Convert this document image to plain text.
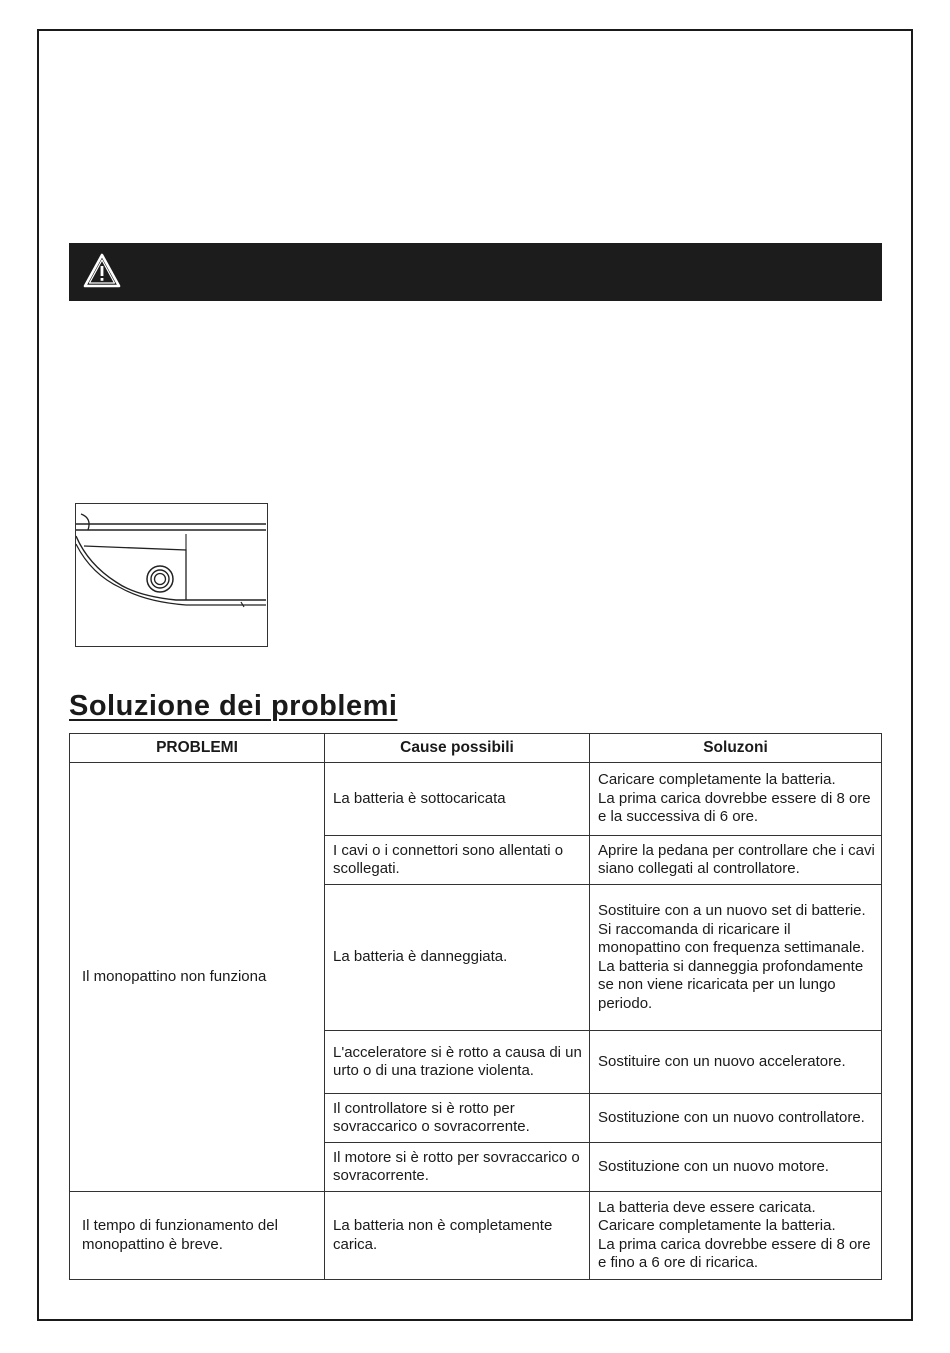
Soluzione dei problemi
PROBLEMI	Cause possibili	Soluzoni
Il monopattino non funziona	La batteria è sottocaricata	Caricare completamente la batteria.
La prima carica dovrebbe essere di 8 ore e la successiva di 6 ore.

	I cavi o i connettori sono allentati o scollegati.	Aprire la pedana per controllare che i cavi siano collegati al controllatore.

	La batteria è danneggiata.	Sostituire con a un nuovo set di batterie.
Si raccomanda di ricaricare il monopattino con frequenza settimanale. La batteria si danneggia profondamente se non viene ricaricata per un lungo periodo.

	L'acceleratore si è rotto a causa di un urto o di una trazione violenta.	Sostituire con un nuovo acceleratore.

	Il controllatore si è rotto per sovraccarico o sovracorrente.	Sostituzione con un nuovo controllatore.

	Il motore si è rotto per sovraccarico o sovracorrente.	Sostituzione con un nuovo motore.

Il tempo di funzionamento del monopattino è breve.	La batteria non è completamente carica.	La batteria deve essere caricata.
Caricare completamente la batteria.
La prima carica dovrebbe essere di 8 ore e fino a 6 ore di ricarica.
